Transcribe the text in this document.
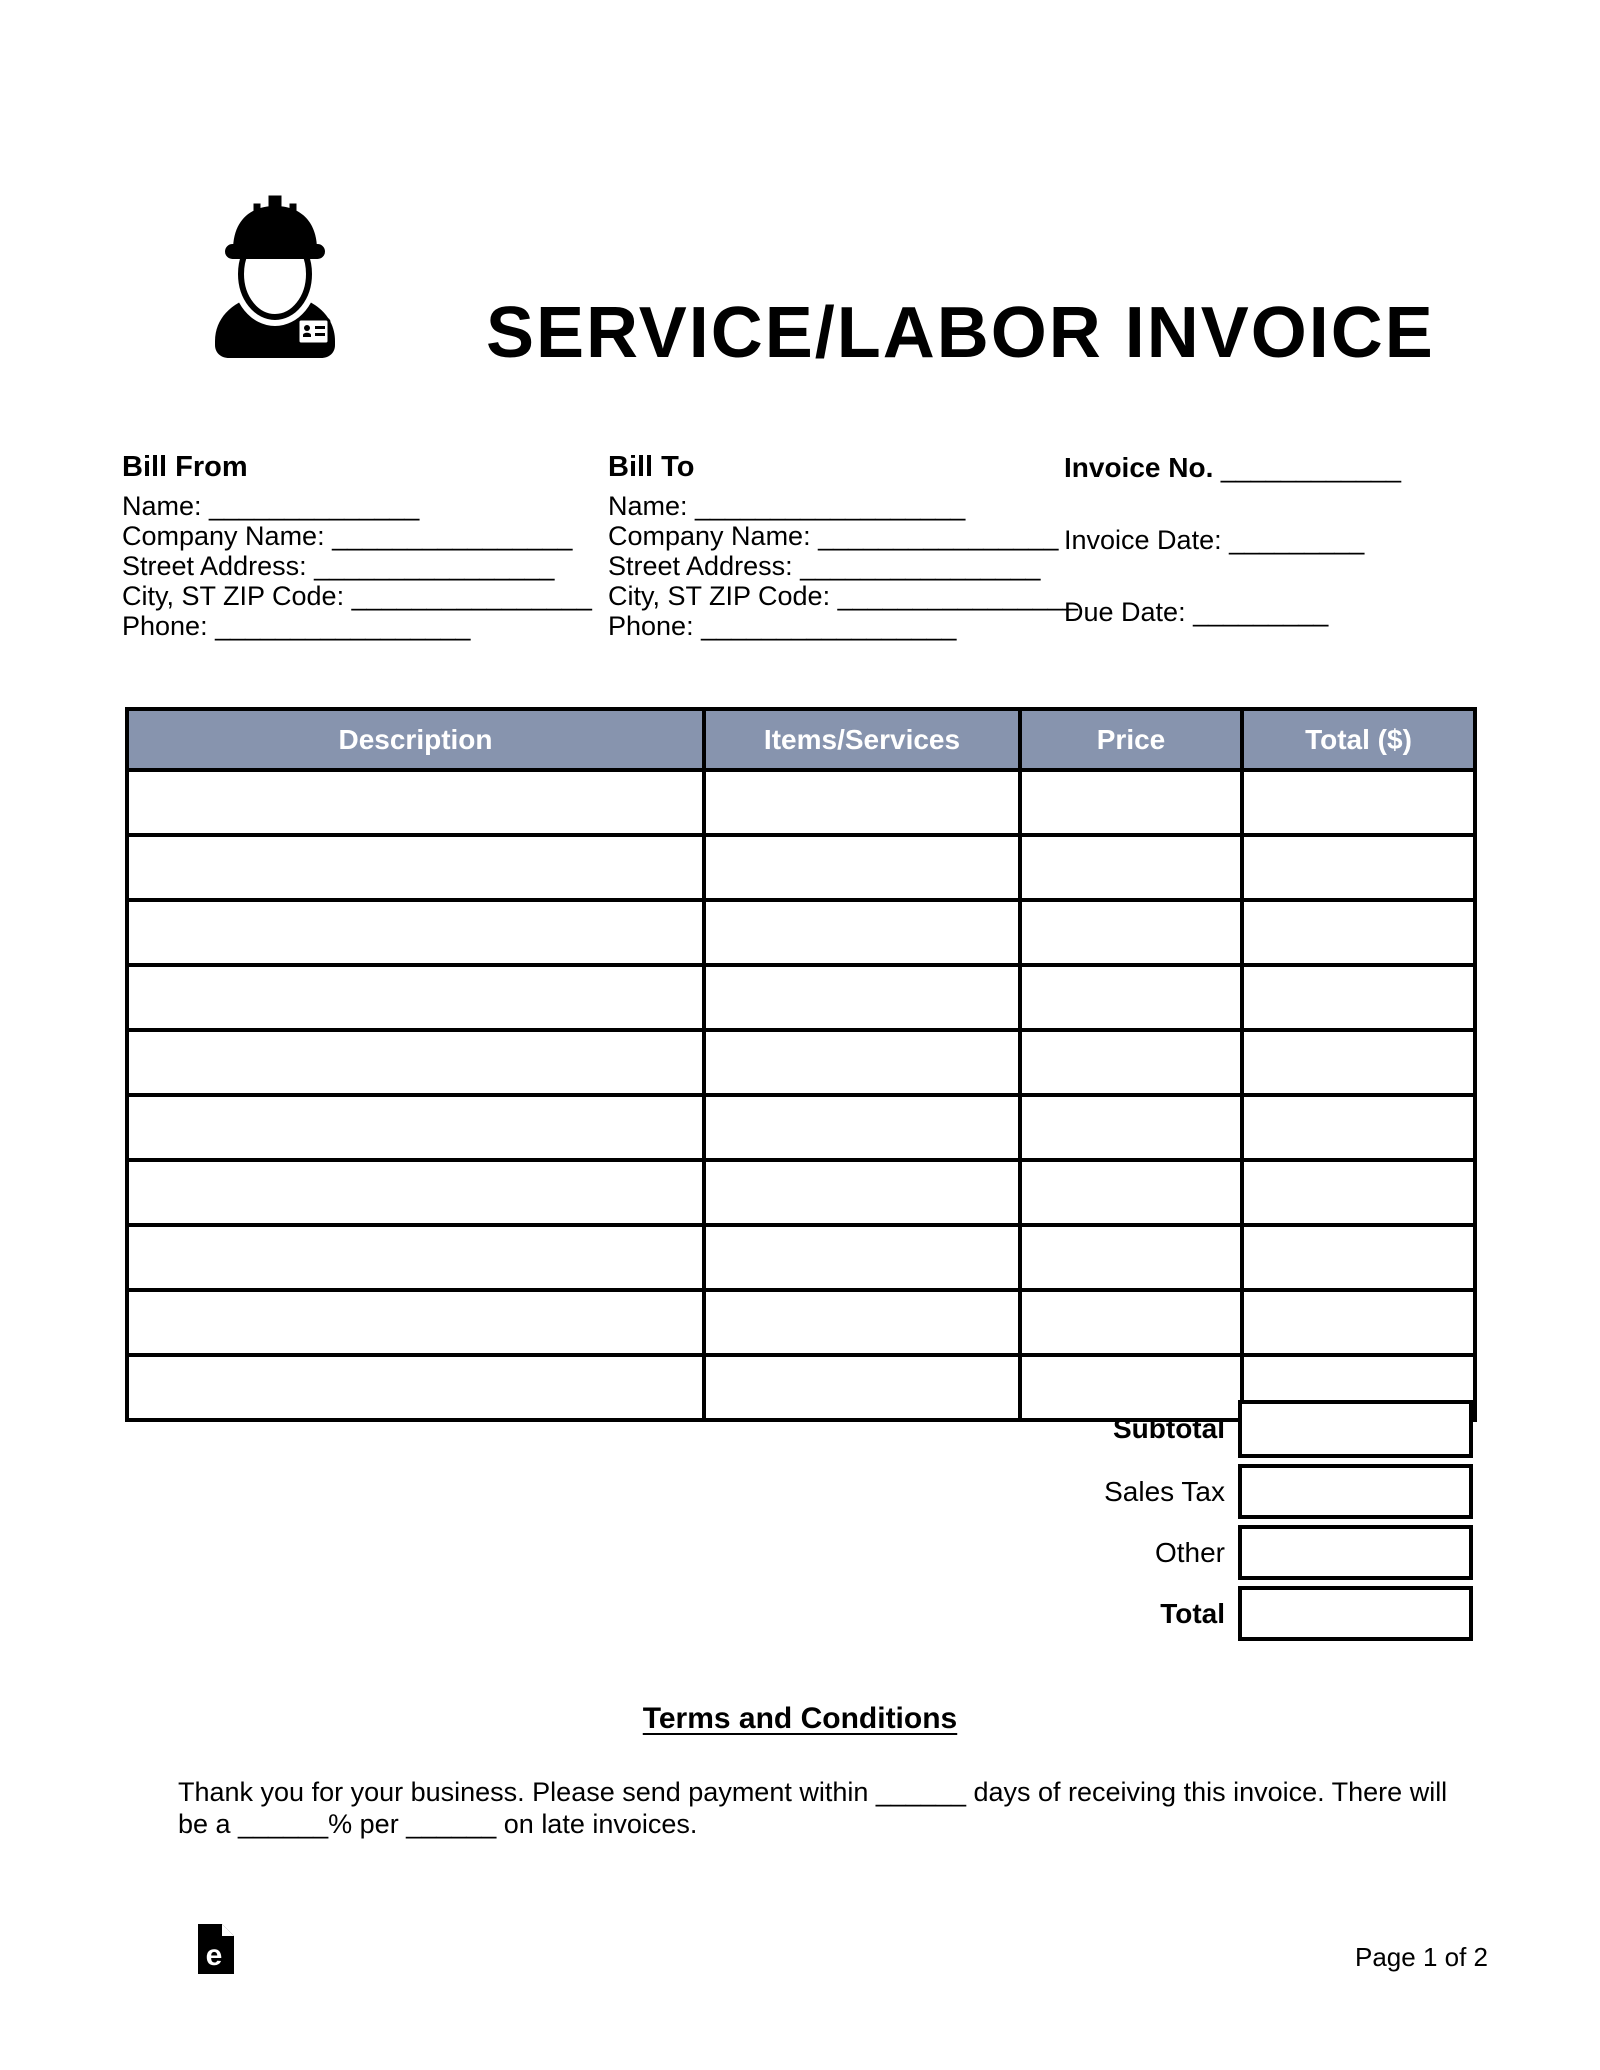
SERVICE/LABOR INVOICE
Bill From
Name: ______________
Company Name: ________________
Street Address: ________________
City, ST ZIP Code: ________________
Phone: _________________
Bill To
Name: __________________
Company Name: ________________
Street Address: ________________
City, ST ZIP Code: ________________
Phone: _________________
Invoice No. ____________
Invoice Date: _________
Due Date: _________
Description	Items/Services	Price	Total ($)

Subtotal
Sales Tax
Other
Total
Terms and Conditions
Thank you for your business. Please send payment within ______ days of receiving this invoice. There will be a ______% per ______ on late invoices.
e	Page 1 of 2
